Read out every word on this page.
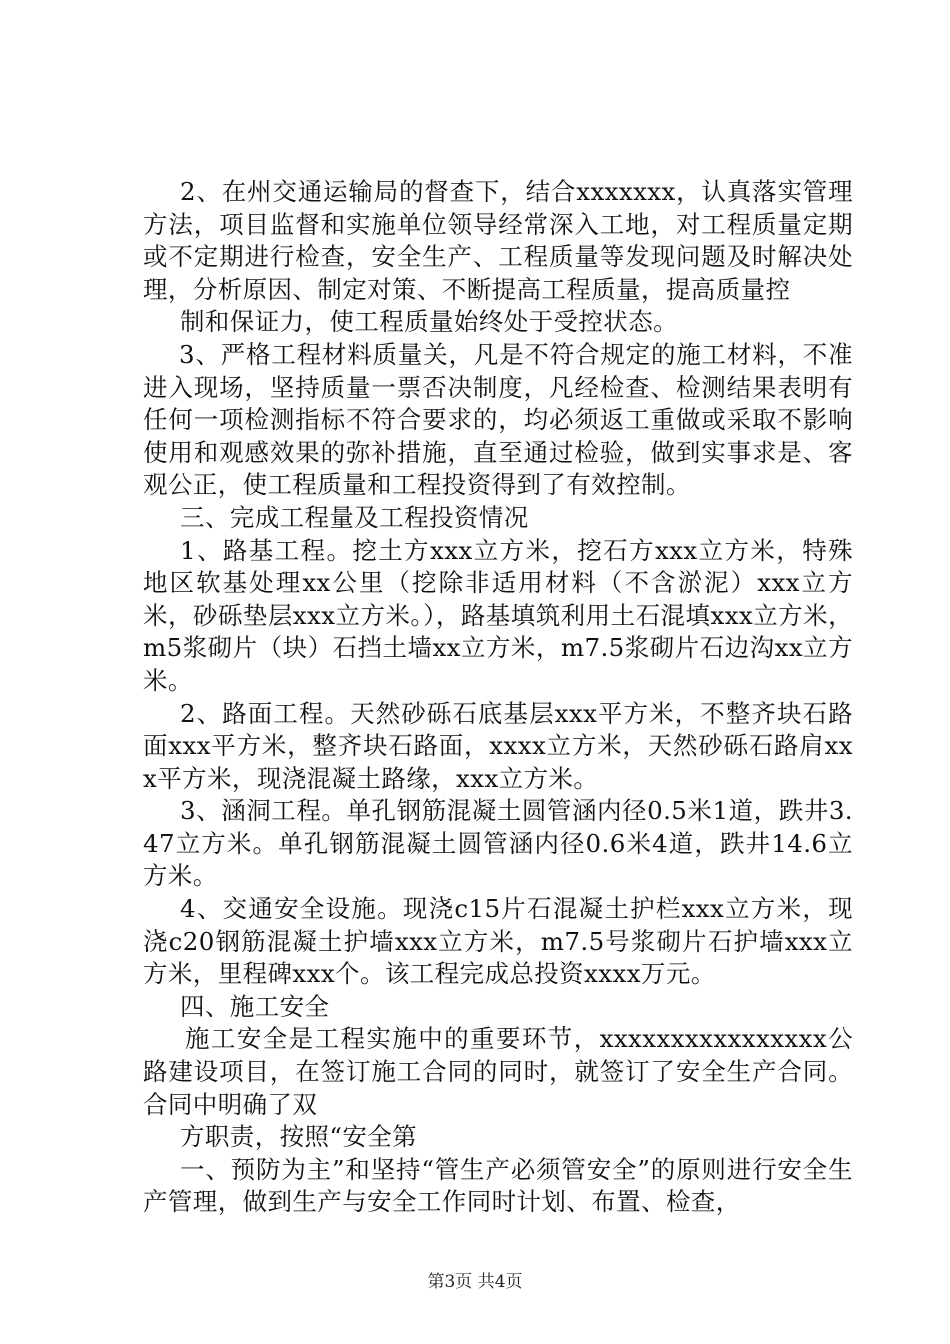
2、在州交通运输局的督查下，结合xxxxxxx，认真落实管理方法，项目监督和实施单位领导经常深入工地，对工程质量定期或不定期进行检查，安全生产、工程质量等发现问题及时解决处理，分析原因、制定对策、不断提高工程质量，提高质量控

制和保证力，使工程质量始终处于受控状态。

3、严格工程材料质量关，凡是不符合规定的施工材料，不准进入现场，坚持质量一票否决制度，凡经检查、检测结果表明有任何一项检测指标不符合要求的，均必须返工重做或采取不影响使用和观感效果的弥补措施，直至通过检验，做到实事求是、客观公正，使工程质量和工程投资得到了有效控制。

三、完成工程量及工程投资情况

1、路基工程。挖土方xxx立方米，挖石方xxx立方米，特殊地区软基处理xx公里（挖除非适用材料（不含淤泥）xxx立方米，砂砾垫层xxx立方米。），路基填筑利用土石混填xxx立方米，m5浆砌片（块）石挡土墙xx立方米，m7.5浆砌片石边沟xx立方米。

2、路面工程。天然砂砾石底基层xxx平方米，不整齐块石路面xxx平方米，整齐块石路面，xxxx立方米，天然砂砾石路肩xxx平方米，现浇混凝土路缘，xxx立方米。

3、涵洞工程。单孔钢筋混凝土圆管涵内径0.5米1道，跌井3.47立方米。单孔钢筋混凝土圆管涵内径0.6米4道，跌井14.6立方米。

4、交通安全设施。现浇c15片石混凝土护栏xxx立方米，现浇c20钢筋混凝土护墙xxx立方米，m7.5号浆砌片石护墙xxx立方米，里程碑xxx个。该工程完成总投资xxxx万元。

四、施工安全

施工安全是工程实施中的重要环节，xxxxxxxxxxxxxxxx公路建设项目，在签订施工合同的同时，就签订了安全生产合同。合同中明确了双

方职责，按照“安全第

一、预防为主”和坚持“管生产必须管安全”的原则进行安全生产管理，做到生产与安全工作同时计划、布置、检查，

第3页 共4页
